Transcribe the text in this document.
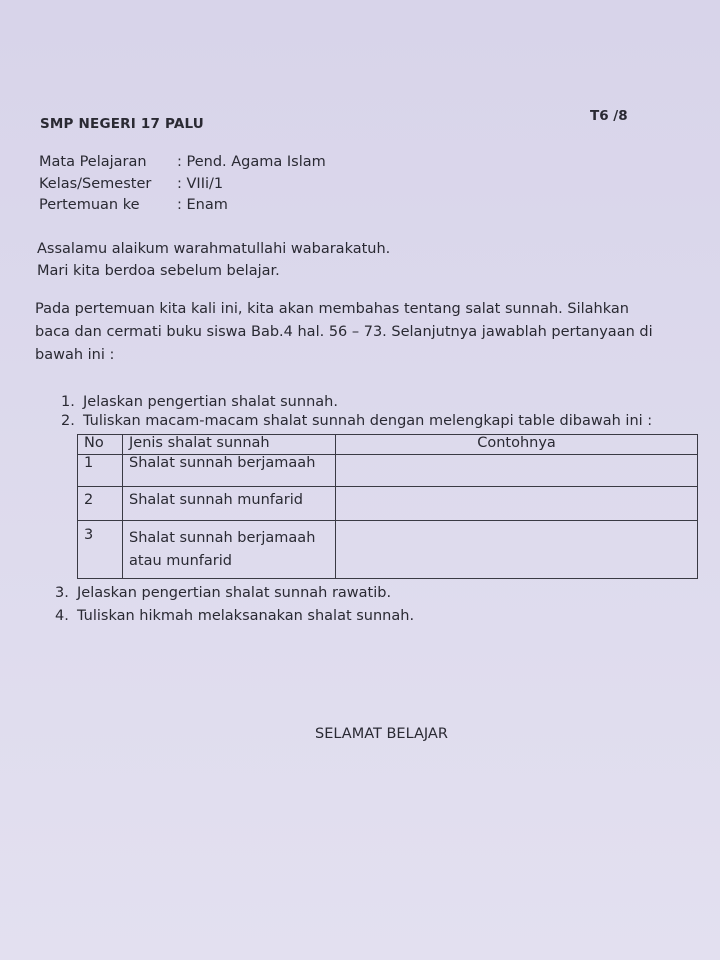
SMP NEGERI 17 PALU	T6 /8
Mata Pelajaran	: Pend. Agama Islam
Kelas/Semester	: VIIi/1
Pertemuan ke	: Enam
Assalamu alaikum warahmatullahi wabarakatuh.
Mari kita berdoa sebelum belajar.
Pada pertemuan kita kali ini, kita akan membahas tentang salat sunnah. Silahkan
baca dan cermati buku siswa Bab.4 hal. 56 – 73. Selanjutnya jawablah pertanyaan di
bawah ini :
1. Jelaskan pengertian shalat sunnah.
2. Tuliskan macam-macam shalat sunnah dengan melengkapi table dibawah ini :
No	Jenis shalat sunnah	Contohnya
1	Shalat sunnah berjamaah	
2	Shalat sunnah munfarid	
3	Shalat sunnah berjamaah
atau munfarid	

3. Jelaskan pengertian shalat sunnah rawatib.
4. Tuliskan hikmah melaksanakan shalat sunnah.
SELAMAT BELAJAR
